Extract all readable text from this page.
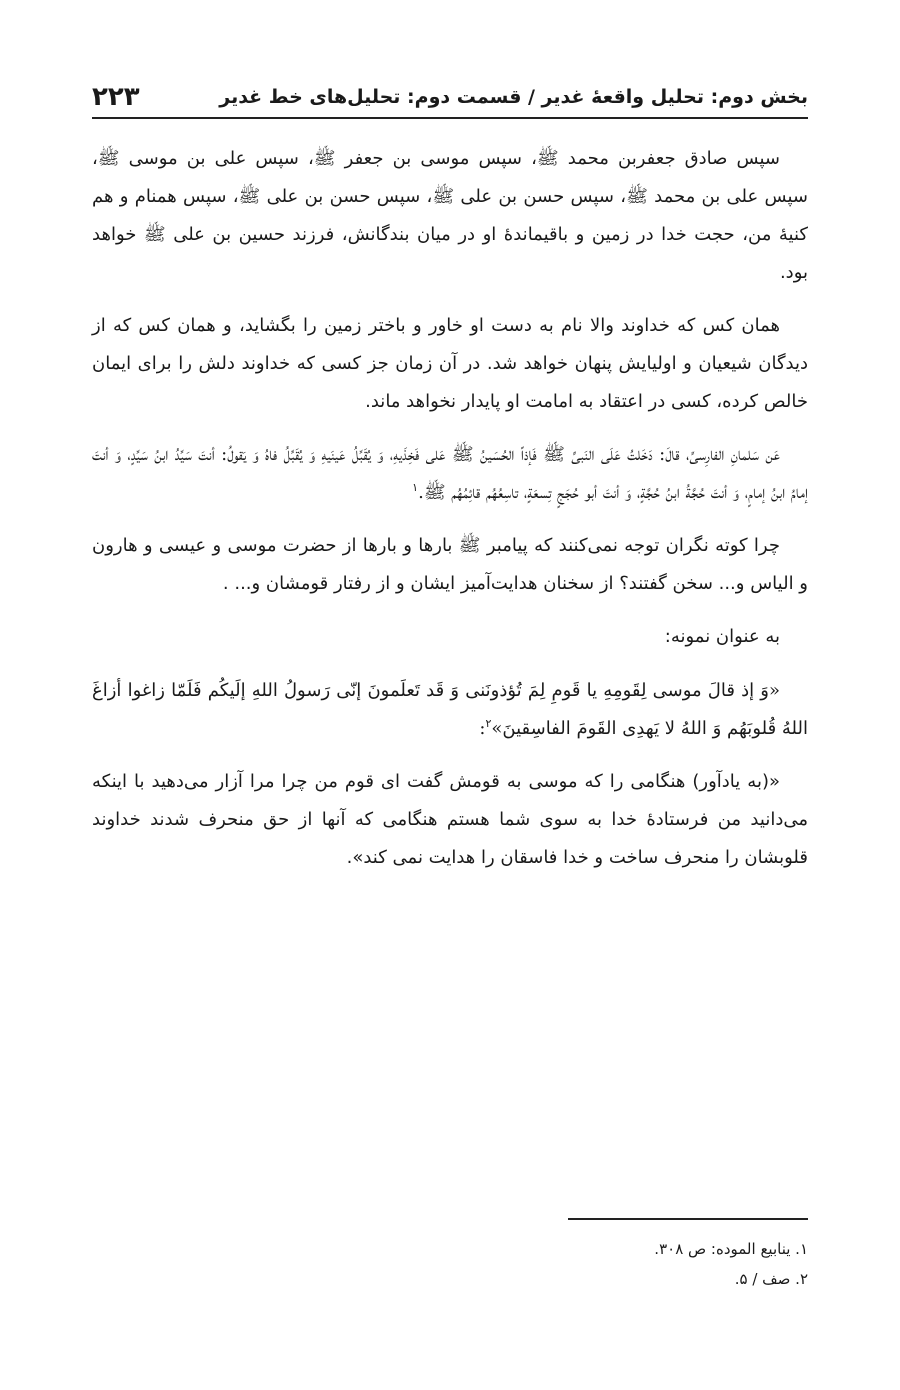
بخش دوم: تحلیل واقعهٔ غدیر / قسمت دوم: تحلیل‌های خط غدیر
۲۲۳

سپس صادق جعفربن محمد ﷺ، سپس موسی بن جعفر ﷺ، سپس علی بن موسی ﷺ، سپس علی بن محمد ﷺ، سپس حسن بن علی ﷺ، سپس حسن بن علی ﷺ، سپس همنام و هم کنیهٔ من، حجت خدا در زمین و باقیماندهٔ او در میان بندگانش، فرزند حسین بن علی ﷺ خواهد بود.

همان کس که خداوند والا نام به دست او خاور و باختر زمین را بگشاید، و همان کس که از دیدگان شیعیان و اولیایش پنهان خواهد شد. در آن زمان جز کسی که خداوند دلش را برای ایمان خالص کرده، کسی در اعتقاد به امامت او پایدار نخواهد ماند.

عَن سَلمانِ الفارِسیِّ، قالَ: دَخَلتُ عَلَی النَبیِّ ﷺ فَإذاً الحُسَینُ ﷺ عَلی فَخِذَیهِ، وَ یُقَبِّلُ عَینَیهِ وَ یُقَبِّلُ فاهُ وَ یَقولُ: أنتَ سَیِّدُ ابنُ سَیِّدٍ، وَ أنتَ إمامُ ابنُ إمامٍ، وَ أنتَ حُجَّةُ ابنُ حُجَّةٍ، وَ أنتَ أبو حُجَجٍ تِسعَةٍ، تاسِعُهُم قائِمُهُم ﷺ.$^۱$

چرا کوته نگران توجه نمی‌کنند که پیامبر ﷺ بارها و بارها از حضرت موسی و عیسی و هارون و الیاس و... سخن گفتند؟ از سخنان هدایت‌آمیز ایشان و از رفتار قومشان و... .

به عنوان نمونه:

«وَ إذ قالَ موسی لِقَومِهِ یا قَومِ لِمَ تُؤذونَنی وَ قَد تَعلَمونَ إنّی رَسولُ اللهِ إلَیکُم فَلَمّا زاغوا أزاغَ اللهُ قُلوبَهُم وَ اللهُ لا یَهدِی القَومَ الفاسِقینَ»$^۲$:

«(به یادآور) هنگامی را که موسی به قومش گفت ای قوم من چرا مرا آزار می‌دهید با اینکه می‌دانید من فرستادهٔ خدا به سوی شما هستم هنگامی که آنها از حق منحرف شدند خداوند قلوبشان را منحرف ساخت و خدا فاسقان را هدایت نمی کند».

۱. ینابیع الموده: ص ۳۰۸.

۲. صف / ۵.
